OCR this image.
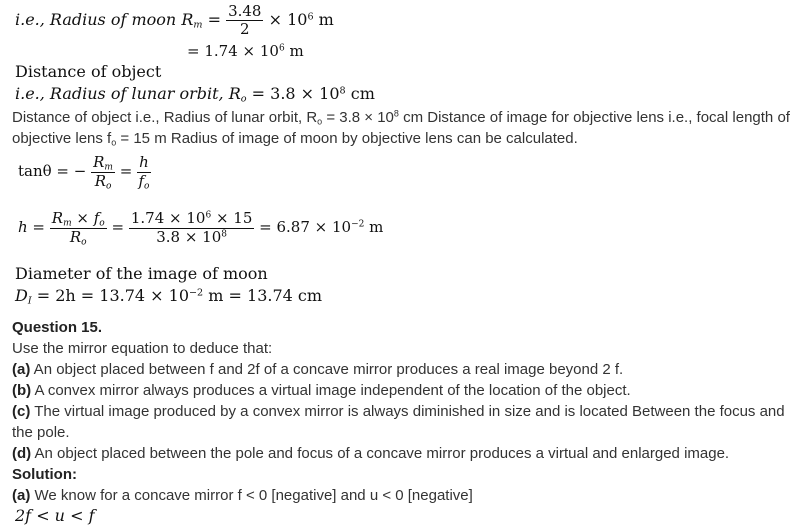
i.e., Radius of moon $R_m = \frac{3.48}{2} \times 10^6$ m
= $1.74 \times 10^6$ m
Distance of object
i.e., Radius of lunar orbit, $R_o = 3.8 \times 10^8$ cm
Distance of object i.e., Radius of lunar orbit, $R_o = 3.8 \times 10^8$ cm Distance of image for objective lens i.e., focal length of objective lens $f_o = 15$ m Radius of image of moon by objective lens can be calculated.
tanθ = − $\frac{R_m}{R_o} = \frac{h}{f_o}$
$h = \frac{R_m \times f_o}{R_o} = \frac{1.74 \times 10^6 \times 15}{3.8 \times 10^8} = 6.87 \times 10^{-2}$ m
Diameter of the image of moon
$D_I = 2h = 13.74 \times 10^{-2}$ m = 13.74 cm
Question 15.
Use the mirror equation to deduce that:
(a) An object placed between f and 2f of a concave mirror produces a real image beyond 2 f.
(b) A convex mirror always produces a virtual image independent of the location of the object.
(c) The virtual image produced by a convex mirror is always diminished in size and is located Between the focus and the pole.
(d) An object placed between the pole and focus of a concave mirror produces a virtual and enlarged image.
Solution:
(a) We know for a concave mirror f < 0 [negative] and u < 0 [negative]
2f < u < f
